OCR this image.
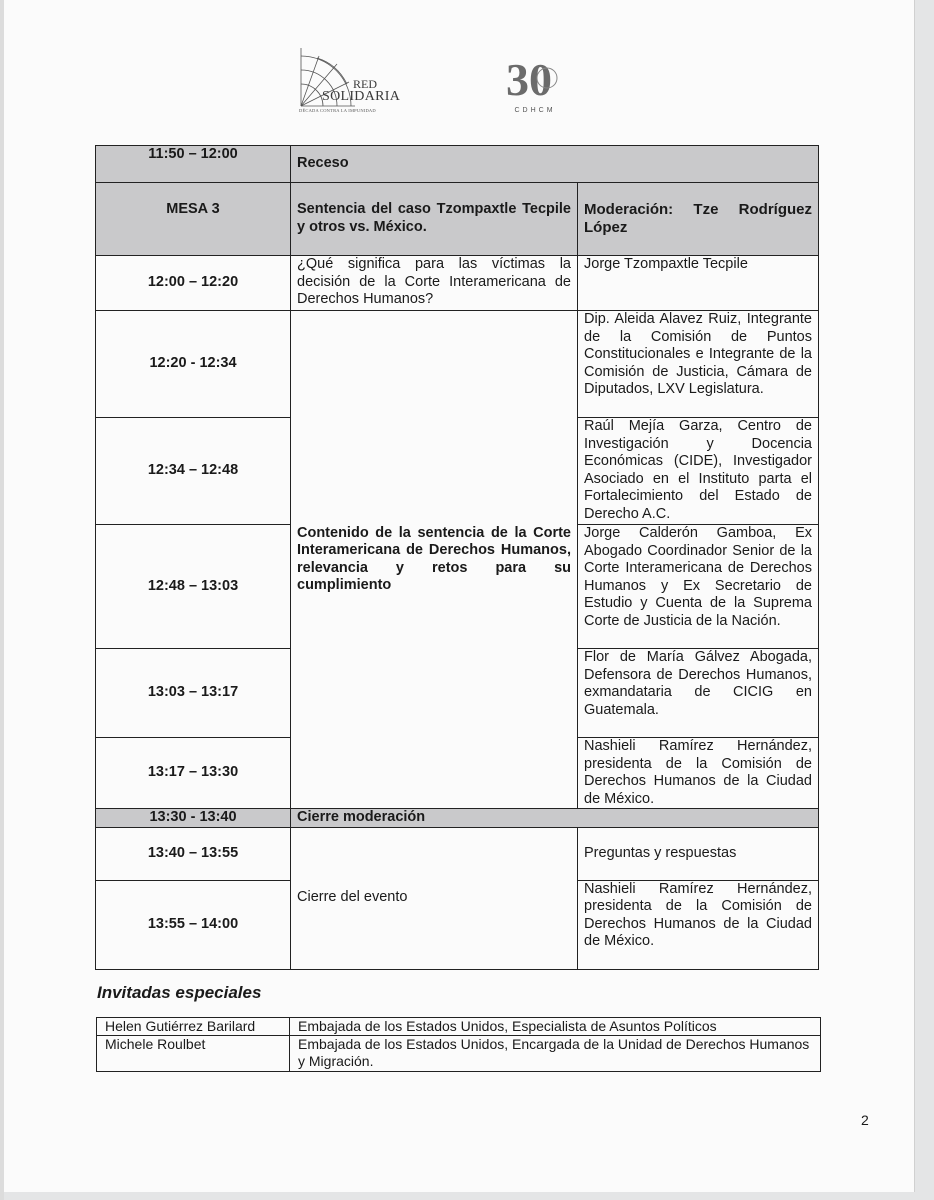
RED
SOLIDARIA
DÉCADA CONTRA LA IMPUNIDAD
30
CDHCM
11:50 – 12:00	Receso	
MESA 3	Sentencia del caso Tzompaxtle Tecpile y otros vs. México.	Moderación: Tze Rodríguez López
12:00 – 12:20	¿Qué significa para las víctimas la decisión de la Corte Interamericana de Derechos Humanos?	Jorge Tzompaxtle Tecpile
12:20 - 12:34	Contenido de la sentencia de la Corte Interamericana de Derechos Humanos, relevancia y retos para su cumplimiento	Dip. Aleida Alavez Ruiz, Integrante de la Comisión de Puntos Constitucionales e Integrante de la Comisión de Justicia, Cámara de Diputados, LXV Legislatura.
12:34 – 12:48		Raúl Mejía Garza, Centro de Investigación y Docencia Económicas (CIDE), Investigador Asociado en el Instituto parta el Fortalecimiento del Estado de Derecho A.C.
12:48 – 13:03		Jorge Calderón Gamboa, Ex Abogado Coordinador Senior de la Corte Interamericana de Derechos Humanos y Ex Secretario de Estudio y Cuenta de la Suprema Corte de Justicia de la Nación.
13:03 – 13:17		Flor de María Gálvez Abogada, Defensora de Derechos Humanos, exmandataria de CICIG en Guatemala.
13:17 – 13:30		Nashieli Ramírez Hernández, presidenta de la Comisión de Derechos Humanos de la Ciudad de México.
13:30 - 13:40	Cierre moderación	
13:40 – 13:55	Cierre del evento	Preguntas y respuestas
13:55 – 14:00		Nashieli Ramírez Hernández, presidenta de la Comisión de Derechos Humanos de la Ciudad de México.
Invitadas especiales
Helen Gutiérrez Barilard	Embajada de los Estados Unidos, Especialista de Asuntos Políticos
Michele Roulbet	Embajada de los Estados Unidos, Encargada de la Unidad de Derechos Humanos y Migración.
2
